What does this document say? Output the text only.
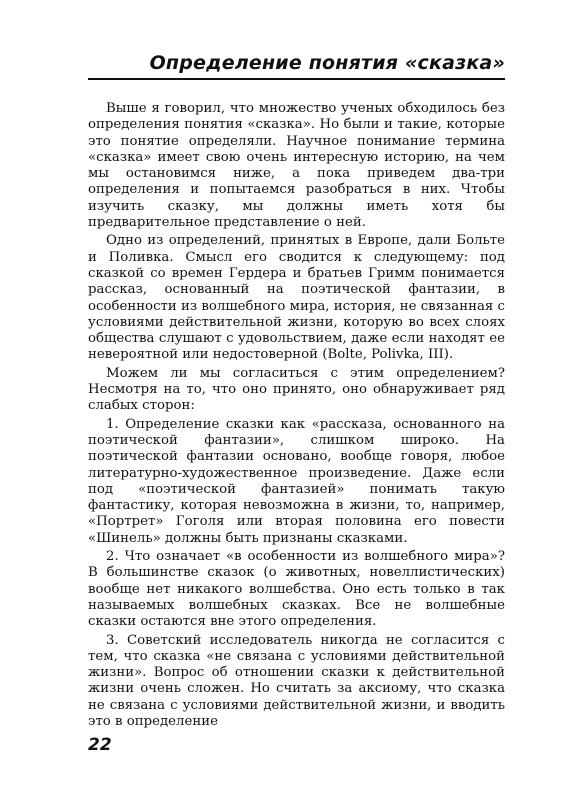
Определение понятия «сказка»

Выше я говорил, что множество ученых обходилось без определения понятия «сказка». Но были и такие, которые это понятие определяли. Научное понимание термина «сказка» имеет свою очень интересную историю, на чем мы остановимся ниже, а пока приведем два-три определения и попытаемся разобраться в них. Чтобы изучить сказку, мы должны иметь хотя бы предварительное представление о ней.

Одно из определений, принятых в Европе, дали Больте и Поливка. Смысл его сводится к следующему: под сказкой со времен Гердера и братьев Гримм понимается рассказ, основанный на поэтической фантазии, в особенности из волшебного мира, история, не связанная с условиями действительной жизни, которую во всех слоях общества слушают с удовольствием, даже если находят ее невероятной или недостоверной (Bolte, Polivka, III).

Можем ли мы согласиться с этим определением? Несмотря на то, что оно принято, оно обнаруживает ряд слабых сторон:

1. Определение сказки как «рассказа, основанного на поэтической фантазии», слишком широко. На поэтической фантазии основано, вообще говоря, любое литературно-художественное произведение. Даже если под «поэтической фантазией» понимать такую фантастику, которая невозможна в жизни, то, например, «Портрет» Гоголя или вторая половина его повести «Шинель» должны быть признаны сказками.

2. Что означает «в особенности из волшебного мира»? В большинстве сказок (о животных, новеллистических) вообще нет никакого волшебства. Оно есть только в так называемых волшебных сказках. Все не волшебные сказки остаются вне этого определения.

3. Советский исследователь никогда не согласится с тем, что сказка «не связана с условиями действительной жизни». Вопрос об отношении сказки к действительной жизни очень сложен. Но считать за аксиому, что сказка не связана с условиями действительной жизни, и вводить это в определение

22
